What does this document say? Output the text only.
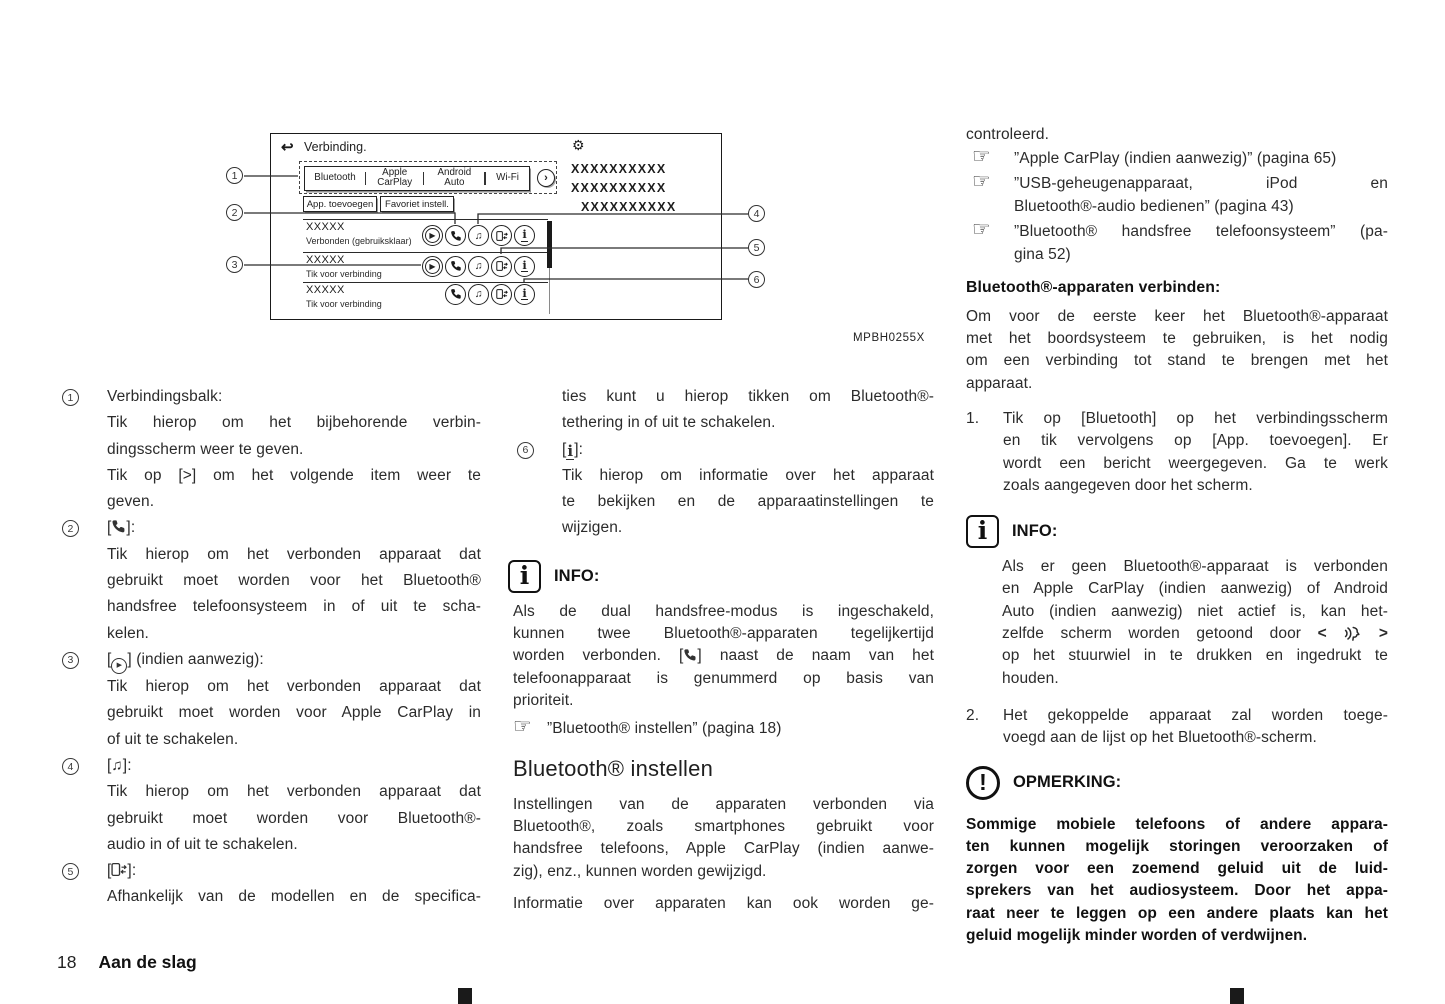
1
2
3
4
5
6
↩ Verbinding.	⚙
Bluetooth	Apple CarPlay
Android Auto	Wi-Fi ›
XXXXXXXXXX
XXXXXXXXXX
XXXXXXXXXX
App. toevoegen Favoriet instell.
XXXXX
Verbonden (gebruiksklaar)
▶	♫	i
XXXXX
Tik voor verbinding
▶	♫	i
XXXXX
Tik voor verbinding
♫	i
MPBH0255X
1 Verbindingsbalk:
Tik hierop om het bijbehorende verbin-
dingsscherm weer te geven.
Tik op [>] om het volgende item weer te
geven.
2 [ ]:
Tik hierop om het verbonden apparaat dat
gebruikt moet worden voor het Bluetooth®
handsfree telefoonsysteem in of uit te scha-
kelen.
3 [ ▶ ] (indien aanwezig):
Tik hierop om het verbonden apparaat dat
gebruikt moet worden voor Apple CarPlay in
of uit te schakelen.
4 [♫]:
Tik hierop om het verbonden apparaat dat
gebruikt moet worden voor Bluetooth®-
audio in of uit te schakelen.
5 [ ]:
Afhankelijk van de modellen en de specifica-
ties kunt u hierop tikken om Bluetooth®-
tethering in of uit te schakelen.
6 [i]:
Tik hierop om informatie over het apparaat
te bekijken en de apparaatinstellingen te
wijzigen.
i INFO:
Als de dual handsfree-modus is ingeschakeld,
kunnen twee Bluetooth®-apparaten tegelijkertijd
worden verbonden. [ ] naast de naam van het
telefoonapparaat is genummerd op basis van
prioriteit.
☞ ”Bluetooth® instellen” (pagina 18)
Bluetooth® instellen
Instellingen van de apparaten verbonden via
Bluetooth®, zoals smartphones gebruikt voor
handsfree telefoons, Apple CarPlay (indien aanwe-
zig), enz., kunnen worden gewijzigd.
Informatie over apparaten kan ook worden ge-
controleerd.
☞ ”Apple CarPlay (indien aanwezig)” (pagina 65)
☞ ”USB-geheugenapparaat, iPod en
Bluetooth®-audio bedienen” (pagina 43)
☞ ”Bluetooth® handsfree telefoonsysteem” (pa-
gina 52)
Bluetooth®-apparaten verbinden:
Om voor de eerste keer het Bluetooth®-apparaat
met het boordsysteem te gebruiken, is het nodig
om een verbinding tot stand te brengen met het
apparaat.
1. Tik op [Bluetooth] op het verbindingsscherm
en tik vervolgens op [App. toevoegen]. Er
wordt een bericht weergegeven. Ga te werk
zoals aangegeven door het scherm.
i INFO:
Als er geen Bluetooth®-apparaat is verbonden
en Apple CarPlay (indien aanwezig) of Android
Auto (indien aanwezig) niet actief is, kan het-
zelfde scherm worden getoond door <	>
op het stuurwiel in te drukken en ingedrukt te
houden.
2. Het gekoppelde apparaat zal worden toege-
voegd aan de lijst op het Bluetooth®-scherm.
! OPMERKING:
Sommige mobiele telefoons of andere appara-
ten kunnen mogelijk storingen veroorzaken of
zorgen voor een zoemend geluid uit de luid-
sprekers van het audiosysteem. Door het appa-
raat neer te leggen op een andere plaats kan het
geluid mogelijk minder worden of verdwijnen.
18 Aan de slag
